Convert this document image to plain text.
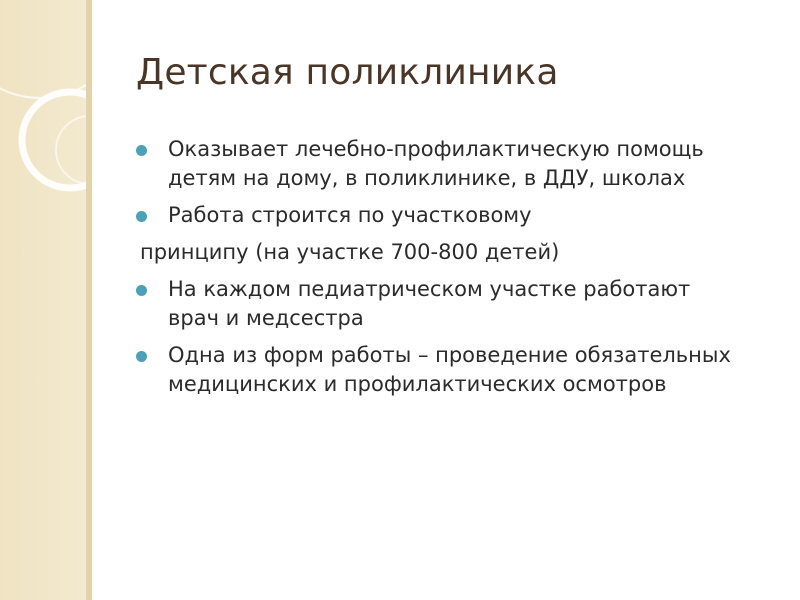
Детская поликлиника
Оказывает лечебно-профилактическую помощь детям на дому, в поликлинике, в ДДУ, школах
Работа строится по участковому
принципу (на участке 700-800 детей)
На каждом педиатрическом участке работают врач и медсестра
Одна из форм работы – проведение обязательных медицинских и профилактических осмотров
